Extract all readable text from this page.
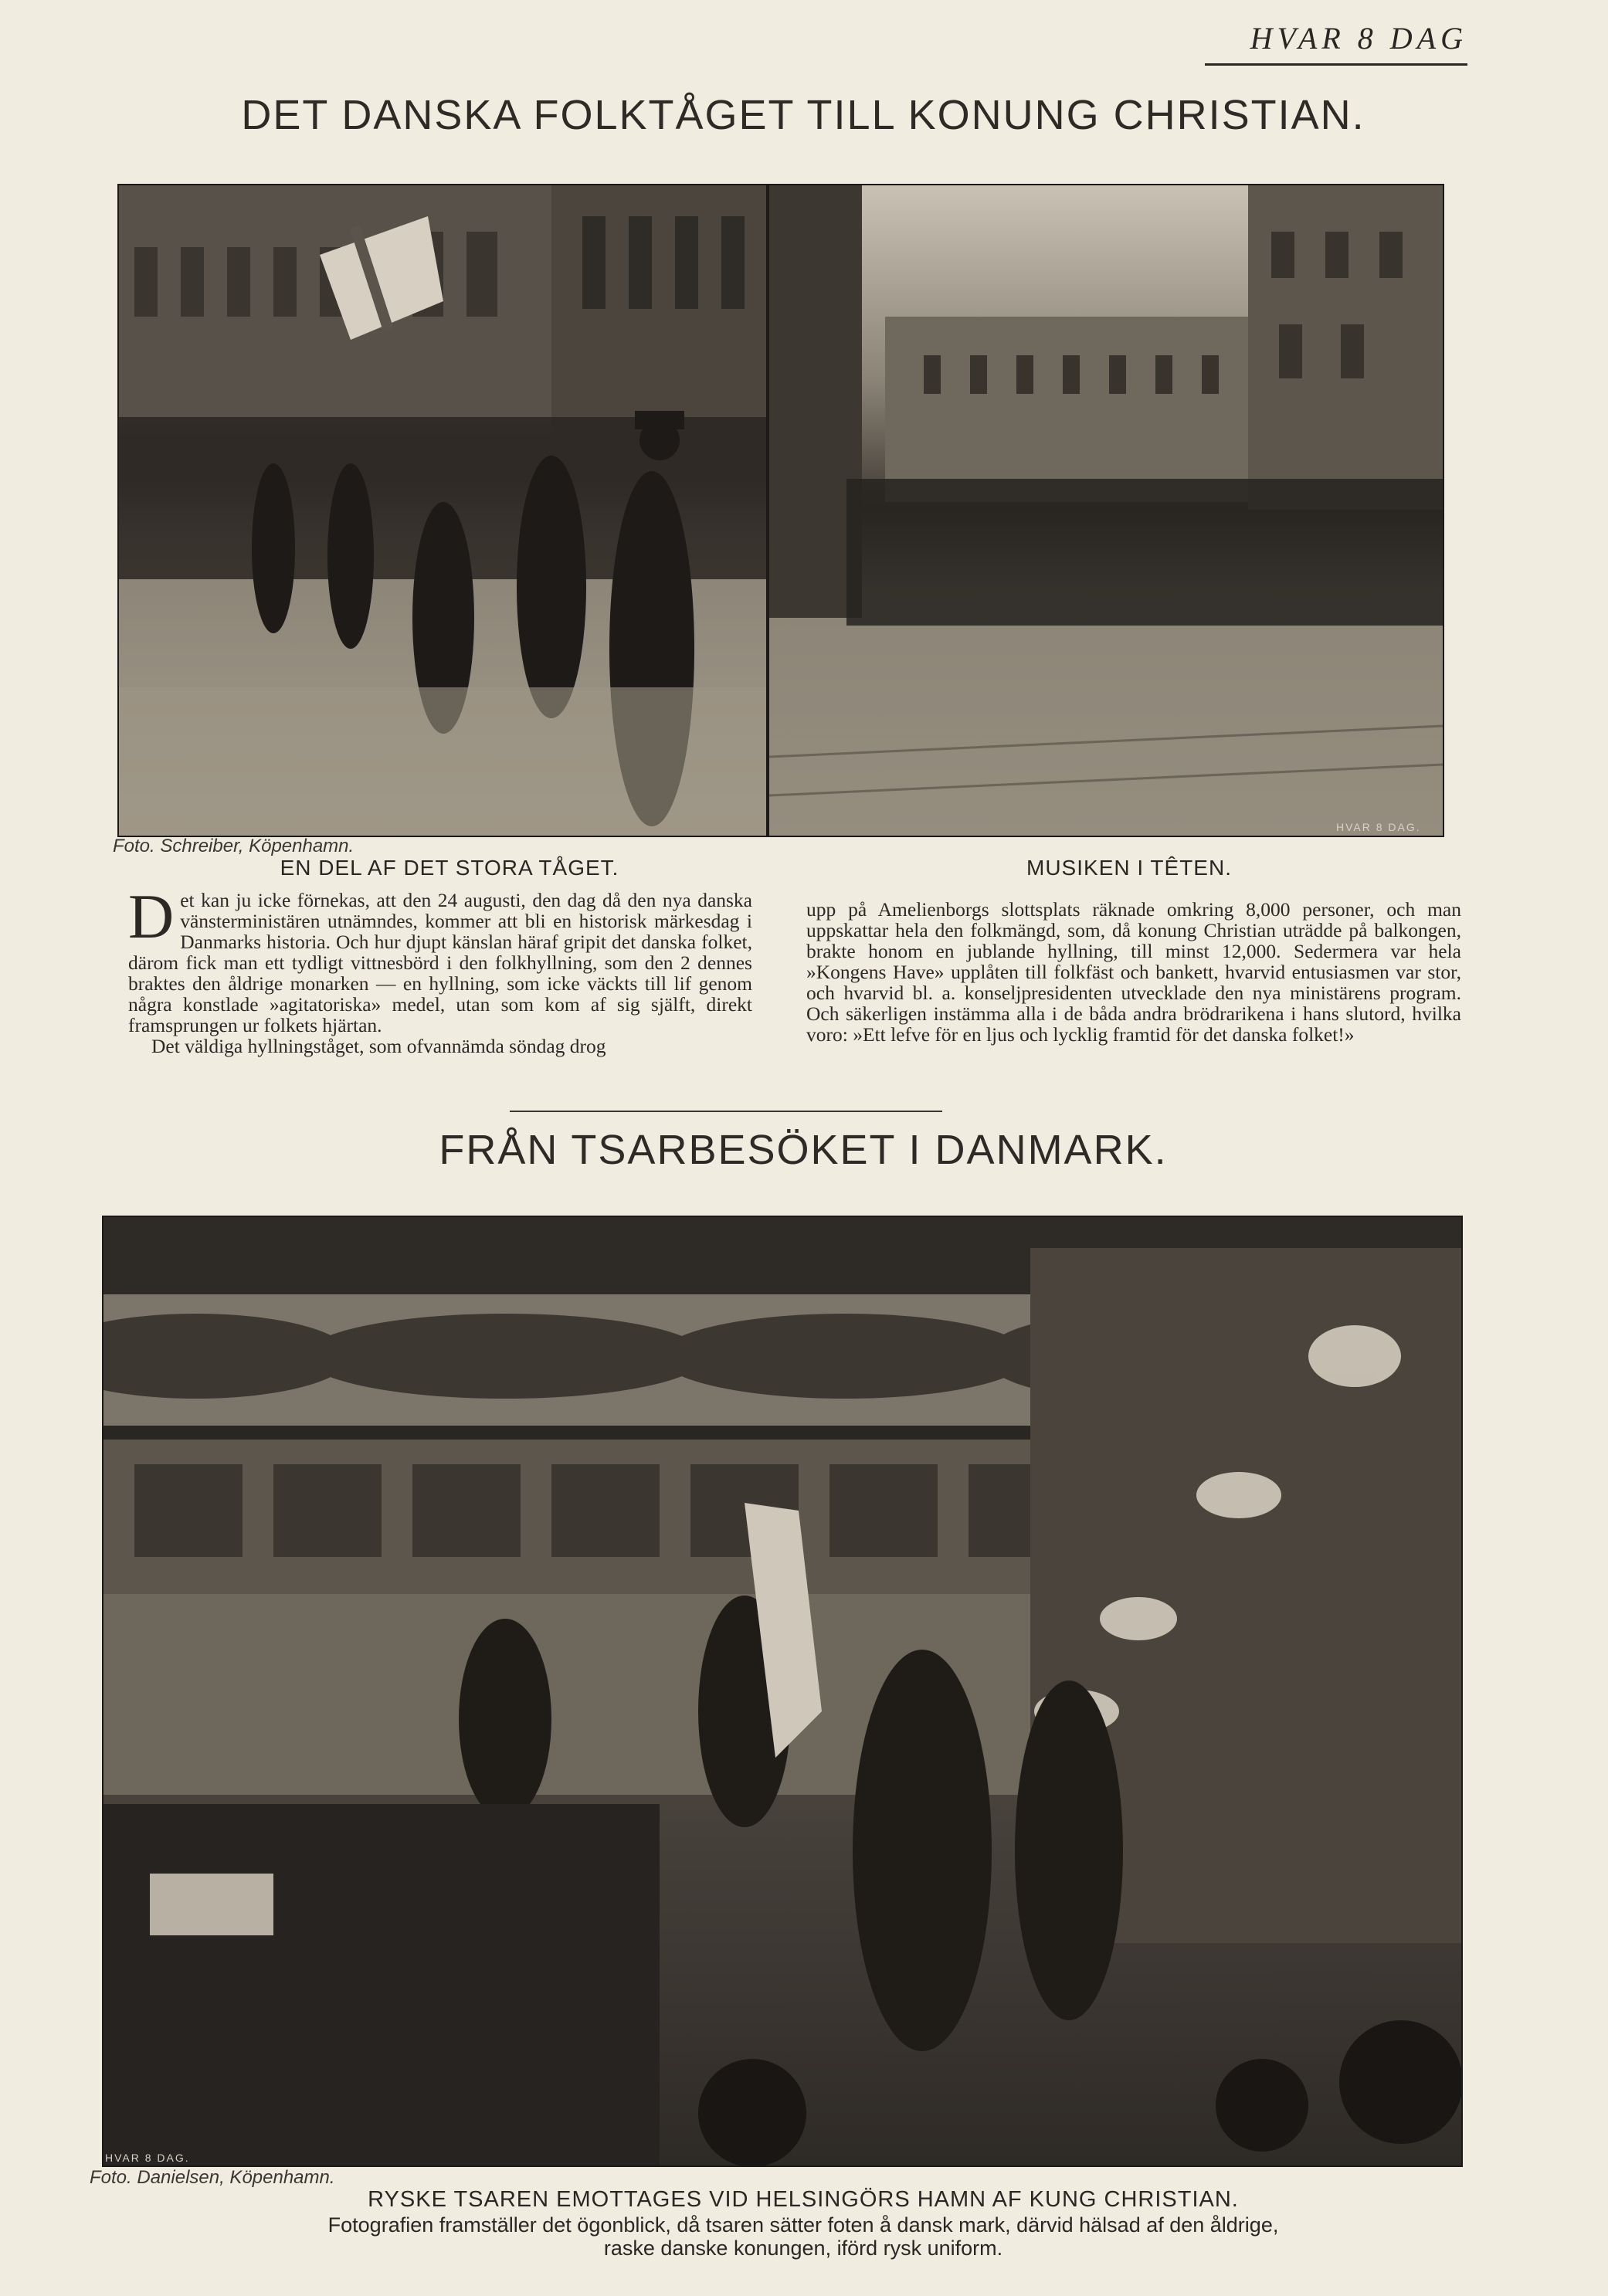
HVAR 8 DAG
DET DANSKA FOLKTÅGET TILL KONUNG CHRISTIAN.
HVAR 8 DAG.
Foto. Schreiber, Köpenhamn.
EN DEL AF DET STORA TÅGET.	MUSIKEN I TÊTEN.
Det kan ju icke förnekas, att den 24 augusti, den dag då den nya danska vänsterministären utnämndes, kommer att bli en historisk märkesdag i Danmarks historia. Och hur djupt känslan häraf gripit det danska folket, därom fick man ett tydligt vittnesbörd i den folkhyllning, som den 2 dennes braktes den åldrige monarken — en hyllning, som icke väckts till lif genom några konstlade »agitatoriska» medel, utan som kom af sig själft, direkt framsprungen ur folkets hjärtan.
Det väldiga hyllningståget, som ofvannämda söndag drog
upp på Amelienborgs slottsplats räknade omkring 8,000 personer, och man uppskattar hela den folkmängd, som, då konung Christian uträdde på balkongen, brakte honom en jublande hyllning, till minst 12,000. Sedermera var hela »Kongens Have» upplåten till folkfäst och bankett, hvarvid entusiasmen var stor, och hvarvid bl. a. konseljpresidenten utvecklade den nya ministärens program. Och säkerligen instämma alla i de båda andra brödrarikena i hans slutord, hvilka voro: »Ett lefve för en ljus och lycklig framtid för det danska folket!»
FRÅN TSARBESÖKET I DANMARK.
HVAR 8 DAG.
Foto. Danielsen, Köpenhamn.
RYSKE TSAREN EMOTTAGES VID HELSINGÖRS HAMN AF KUNG CHRISTIAN.
Fotografien framställer det ögonblick, då tsaren sätter foten å dansk mark, därvid hälsad af den åldrige,
raske danske konungen, iförd rysk uniform.
